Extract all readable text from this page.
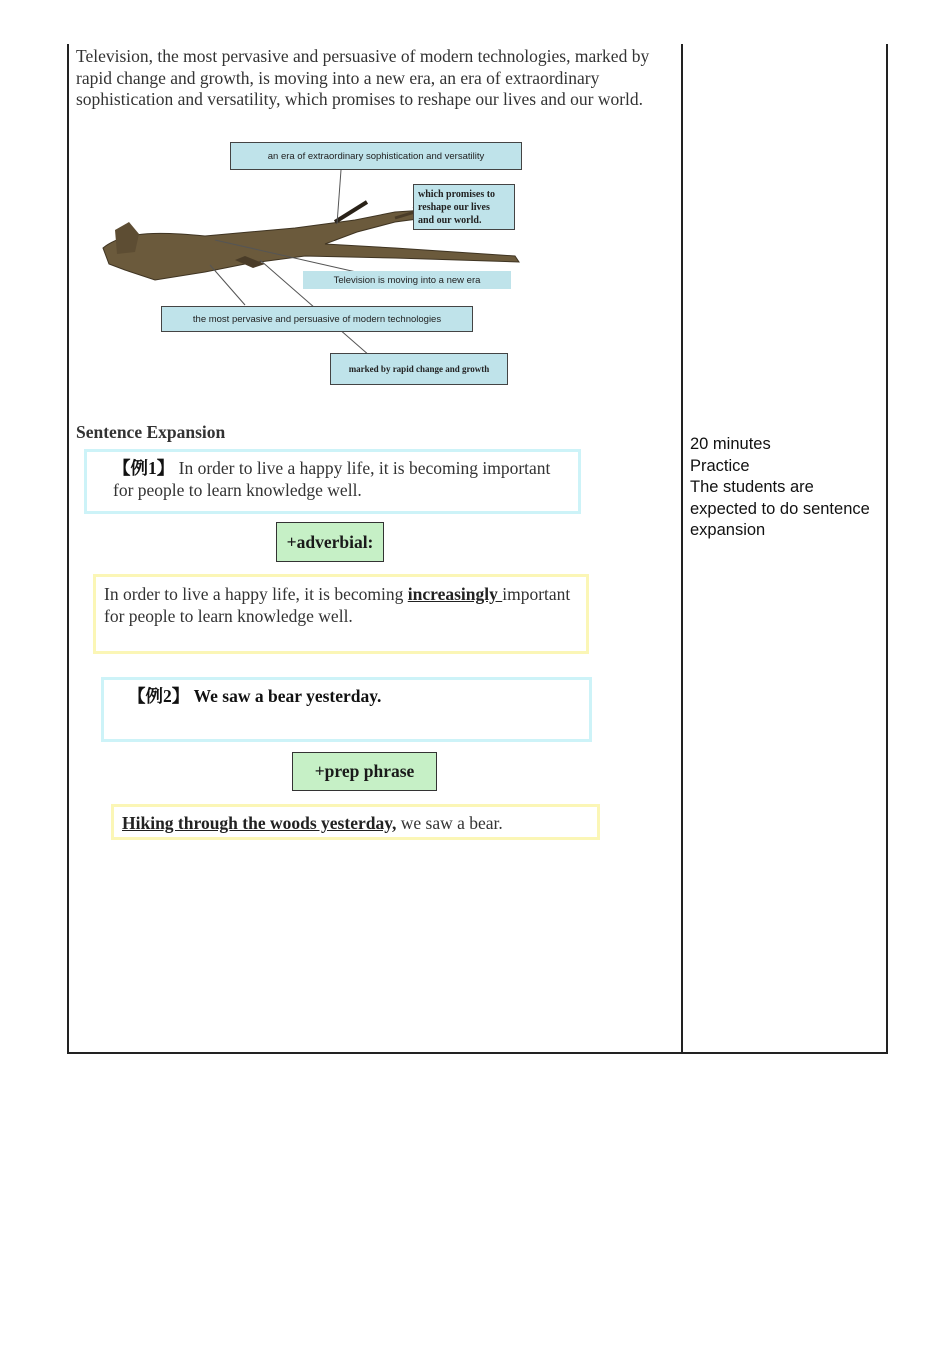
Television, the most pervasive and persuasive of modern technologies, marked by rapid change and growth, is moving into a new era, an era of extraordinary sophistication and versatility, which promises to reshape our lives and our world.

an era of extraordinary sophistication and versatility
which promises to
reshape our lives
and our world.
Television is moving into a new era
the most pervasive and persuasive of modern technologies
marked by rapid change and growth
Sentence Expansion
【例1】 In order to live a happy life, it is becoming important for people to learn knowledge well.
+adverbial:
In order to live a happy life, it is becoming increasingly important for people to learn knowledge well.
【例2】 We saw a bear yesterday.
+prep phrase
Hiking through the woods yesterday, we saw a bear.
20 minutes
Practice
The students are expected to do sentence expansion
